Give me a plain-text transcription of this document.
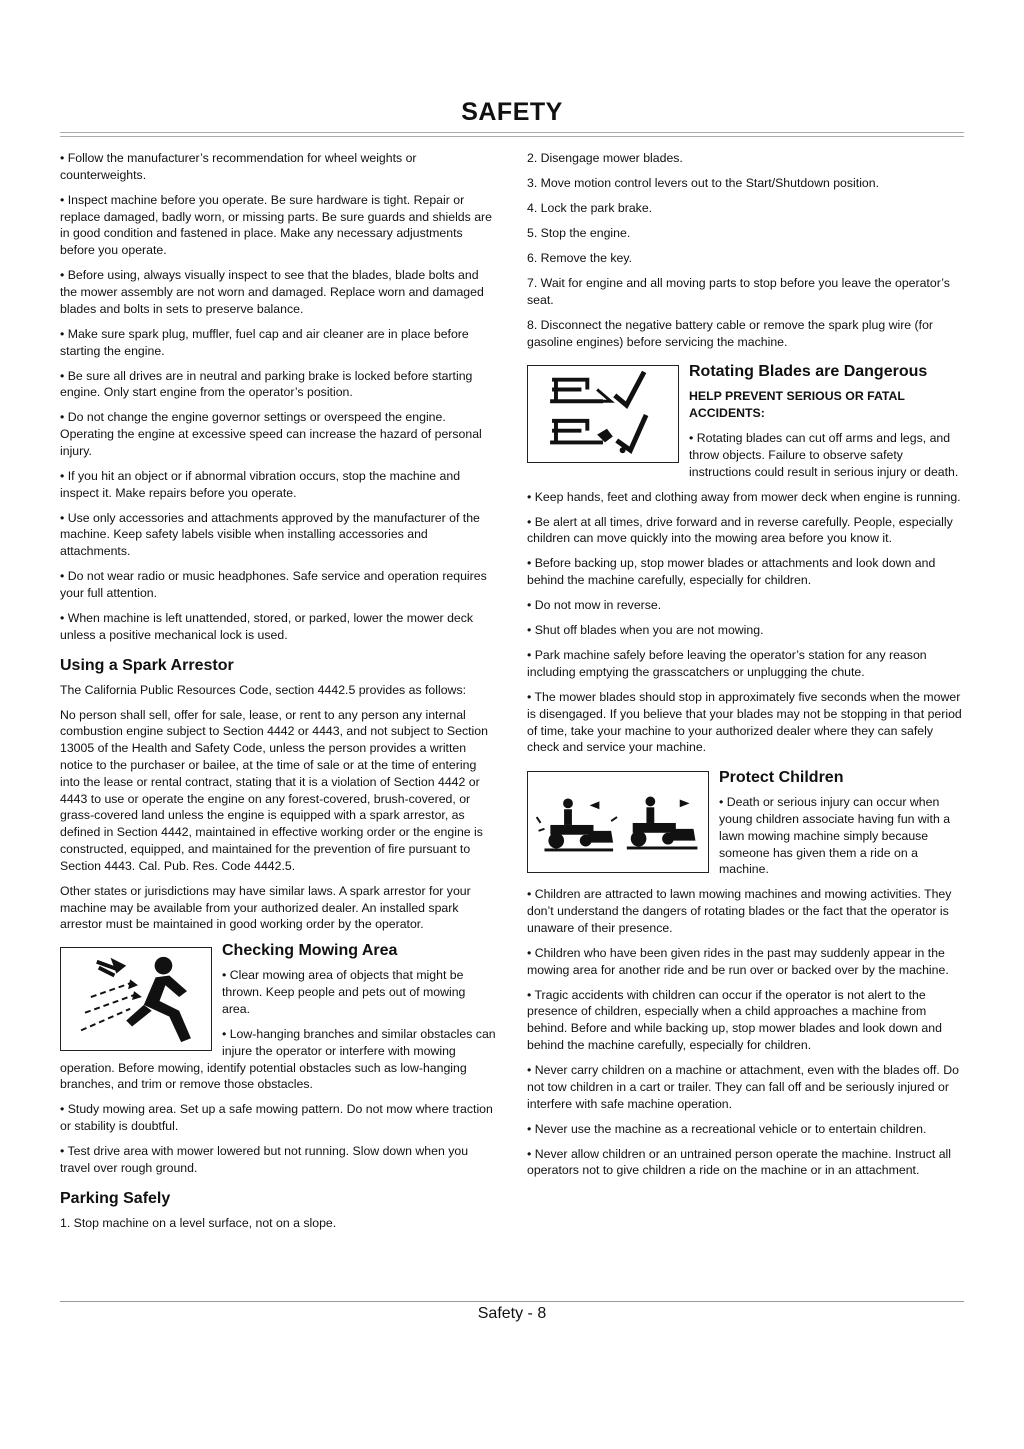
SAFETY

• Follow the manufacturer’s recommendation for wheel weights or counterweights.

• Inspect machine before you operate. Be sure hardware is tight. Repair or replace damaged, badly worn, or missing parts. Be sure guards and shields are in good condition and fastened in place. Make any necessary adjustments before you operate.

• Before using, always visually inspect to see that the blades, blade bolts and the mower assembly are not worn and damaged. Replace worn and damaged blades and bolts in sets to preserve balance.

• Make sure spark plug, muffler, fuel cap and air cleaner are in place before starting the engine.

• Be sure all drives are in neutral and parking brake is locked before starting engine. Only start engine from the operator’s position.

• Do not change the engine governor settings or overspeed the engine. Operating the engine at excessive speed can increase the hazard of personal injury.

• If you hit an object or if abnormal vibration occurs, stop the machine and inspect it. Make repairs before you operate.

• Use only accessories and attachments approved by the manufacturer of the machine. Keep safety labels visible when installing accessories and attachments.

• Do not wear radio or music headphones. Safe service and operation requires your full attention.

• When machine is left unattended, stored, or parked, lower the mower deck unless a positive mechanical lock is used.

Using a Spark Arrestor

The California Public Resources Code, section 4442.5 provides as follows:

No person shall sell, offer for sale, lease, or rent to any person any internal combustion engine subject to Section 4442 or 4443, and not subject to Section 13005 of the Health and Safety Code, unless the person provides a written notice to the purchaser or bailee, at the time of sale or at the time of entering into the lease or rental contract, stating that it is a violation of Section 4442 or 4443 to use or operate the engine on any forest-covered, brush-covered, or grass-covered land unless the engine is equipped with a spark arrestor, as defined in Section 4442, maintained in effective working order or the engine is constructed, equipped, and maintained for the prevention of fire pursuant to Section 4443. Cal. Pub. Res. Code 4442.5.

Other states or jurisdictions may have similar laws. A spark arrestor for your machine may be available from your authorized dealer. An installed spark arrestor must be maintained in good working order by the operator.

Checking Mowing Area

• Clear mowing area of objects that might be thrown. Keep people and pets out of mowing area.

• Low-hanging branches and similar obstacles can injure the operator or interfere with mowing operation. Before mowing, identify potential obstacles such as low-hanging branches, and trim or remove those obstacles.

• Study mowing area. Set up a safe mowing pattern. Do not mow where traction or stability is doubtful.

• Test drive area with mower lowered but not running. Slow down when you travel over rough ground.

Parking Safely

1. Stop machine on a level surface, not on a slope.

2. Disengage mower blades.

3. Move motion control levers out to the Start/Shutdown position.

4. Lock the park brake.

5. Stop the engine.

6. Remove the key.

7. Wait for engine and all moving parts to stop before you leave the operator’s seat.

8. Disconnect the negative battery cable or remove the spark plug wire (for gasoline engines) before servicing the machine.

Rotating Blades are Dangerous

HELP PREVENT SERIOUS OR FATAL ACCIDENTS:

• Rotating blades can cut off arms and legs, and throw objects. Failure to observe safety instructions could result in serious injury or death.

• Keep hands, feet and clothing away from mower deck when engine is running.

• Be alert at all times, drive forward and in reverse carefully. People, especially children can move quickly into the mowing area before you know it.

• Before backing up, stop mower blades or attachments and look down and behind the machine carefully, especially for children.

• Do not mow in reverse.

• Shut off blades when you are not mowing.

• Park machine safely before leaving the operator’s station for any reason including emptying the grasscatchers or unplugging the chute.

• The mower blades should stop in approximately five seconds when the mower is disengaged. If you believe that your blades may not be stopping in that period of time, take your machine to your authorized dealer where they can safely check and service your machine.

Protect Children

• Death or serious injury can occur when young children associate having fun with a lawn mowing machine simply because someone has given them a ride on a machine.

• Children are attracted to lawn mowing machines and mowing activities. They don’t understand the dangers of rotating blades or the fact that the operator is unaware of their presence.

• Children who have been given rides in the past may suddenly appear in the mowing area for another ride and be run over or backed over by the machine.

• Tragic accidents with children can occur if the operator is not alert to the presence of children, especially when a child approaches a machine from behind. Before and while backing up, stop mower blades and look down and behind the machine carefully, especially for children.

• Never carry children on a machine or attachment, even with the blades off. Do not tow children in a cart or trailer. They can fall off and be seriously injured or interfere with safe machine operation.

• Never use the machine as a recreational vehicle or to entertain children.

• Never allow children or an untrained person operate the machine. Instruct all operators not to give children a ride on the machine or in an attachment.

Safety - 8
